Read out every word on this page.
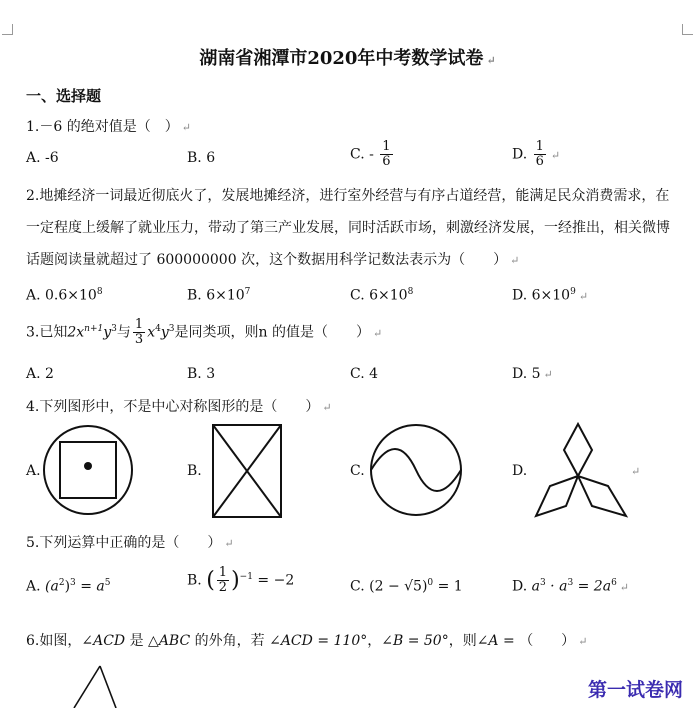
湖南省湘潭市2020年中考数学试卷 ↵
一、选择题
1.－6 的绝对值是（　） ↵
A. -6	B. 6	C. - $\frac{1}{6}$	D. $\frac{1}{6}$ ↵
2.地摊经济一词最近彻底火了，发展地摊经济，进行室外经营与有序占道经营，能满足民众消费需求，在一定程度上缓解了就业压力，带动了第三产业发展，同时活跃市场，刺激经济发展，一经推出，相关微博话题阅读量就超过了 600000000 次，这个数据用科学记数法表示为（　　） ↵
A. $0.6\times 10^8$	B. $6\times 10^7$	C. $6\times 10^8$	D. $6\times 10^9$ ↵
3.已知$2x^{n+1}y^3$与 $\frac{1}{3} x^4y^3$是同类项，则n 的值是（　　） ↵
A. 2	B. 3	C. 4	D. 5 ↵
4.下列图形中，不是中心对称图形的是（　　） ↵
A.	B.	C.	D.	↵
5.下列运算中正确的是（　　） ↵
A. $(a^2)^3 = a^5$	B. ( $\frac{1}{2} )^{-1} = -2$	C. $(2 - √5)^0 = 1$	D. $a^3 \cdot a^3 = 2a^6$ ↵
6.如图，∠ACD 是 △ABC 的外角，若 ∠ACD = 110°，∠B = 50°，则∠A = （　　） ↵
第一试卷网
